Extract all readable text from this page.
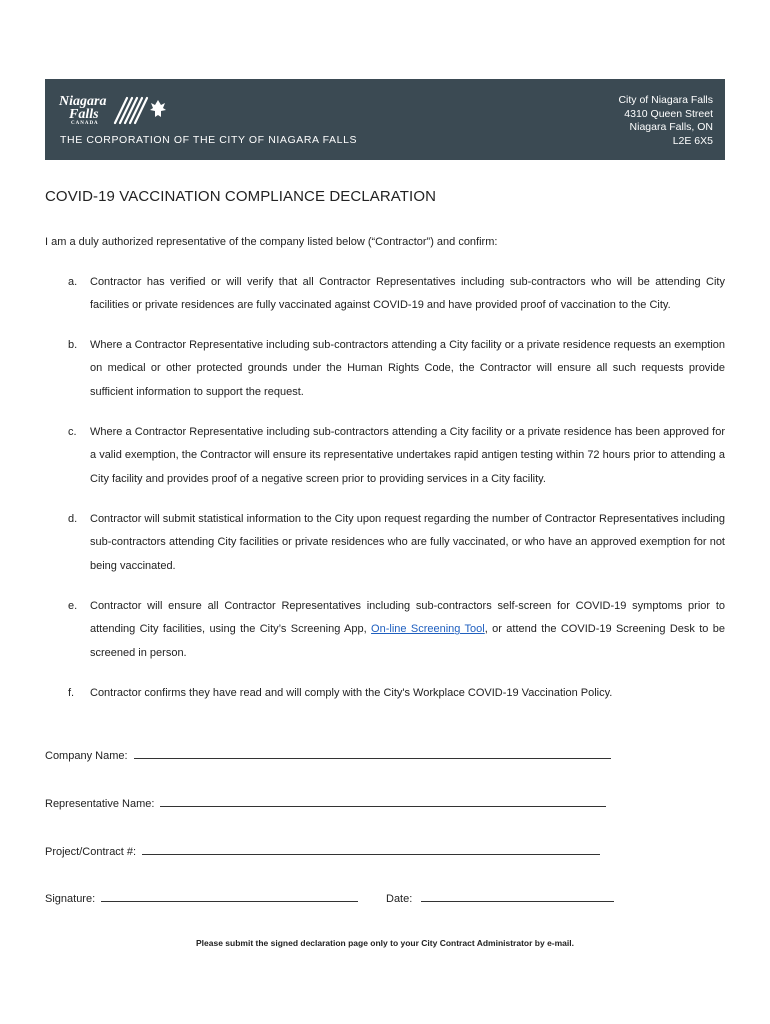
Niagara
Falls
CANADA
THE CORPORATION OF THE CITY OF NIAGARA FALLS
City of Niagara Falls
4310 Queen Street
Niagara Falls, ON
L2E 6X5
COVID-19 VACCINATION COMPLIANCE DECLARATION
I am a duly authorized representative of the company listed below (“Contractor”) and confirm:
a. Contractor has verified or will verify that all Contractor Representatives including sub-contractors who will be attending City facilities or private residences are fully vaccinated against COVID-19 and have provided proof of vaccination to the City.
b. Where a Contractor Representative including sub-contractors attending a City facility or a private residence requests an exemption on medical or other protected grounds under the Human Rights Code, the Contractor will ensure all such requests provide sufficient information to support the request.
c. Where a Contractor Representative including sub-contractors attending a City facility or a private residence has been approved for a valid exemption, the Contractor will ensure its representative undertakes rapid antigen testing within 72 hours prior to attending a City facility and provides proof of a negative screen prior to providing services in a City facility.
d. Contractor will submit statistical information to the City upon request regarding the number of Contractor Representatives including sub-contractors attending City facilities or private residences who are fully vaccinated, or who have an approved exemption for not being vaccinated.
e. Contractor will ensure all Contractor Representatives including sub-contractors self-screen for COVID-19 symptoms prior to attending City facilities, using the City’s Screening App, On-line Screening Tool, or attend the COVID-19 Screening Desk to be screened in person.
f. Contractor confirms they have read and will comply with the City's Workplace COVID-19 Vaccination Policy.
Company Name:
Representative Name:
Project/Contract #:
Signature:	Date:
Please submit the signed declaration page only to your City Contract Administrator by e-mail.
